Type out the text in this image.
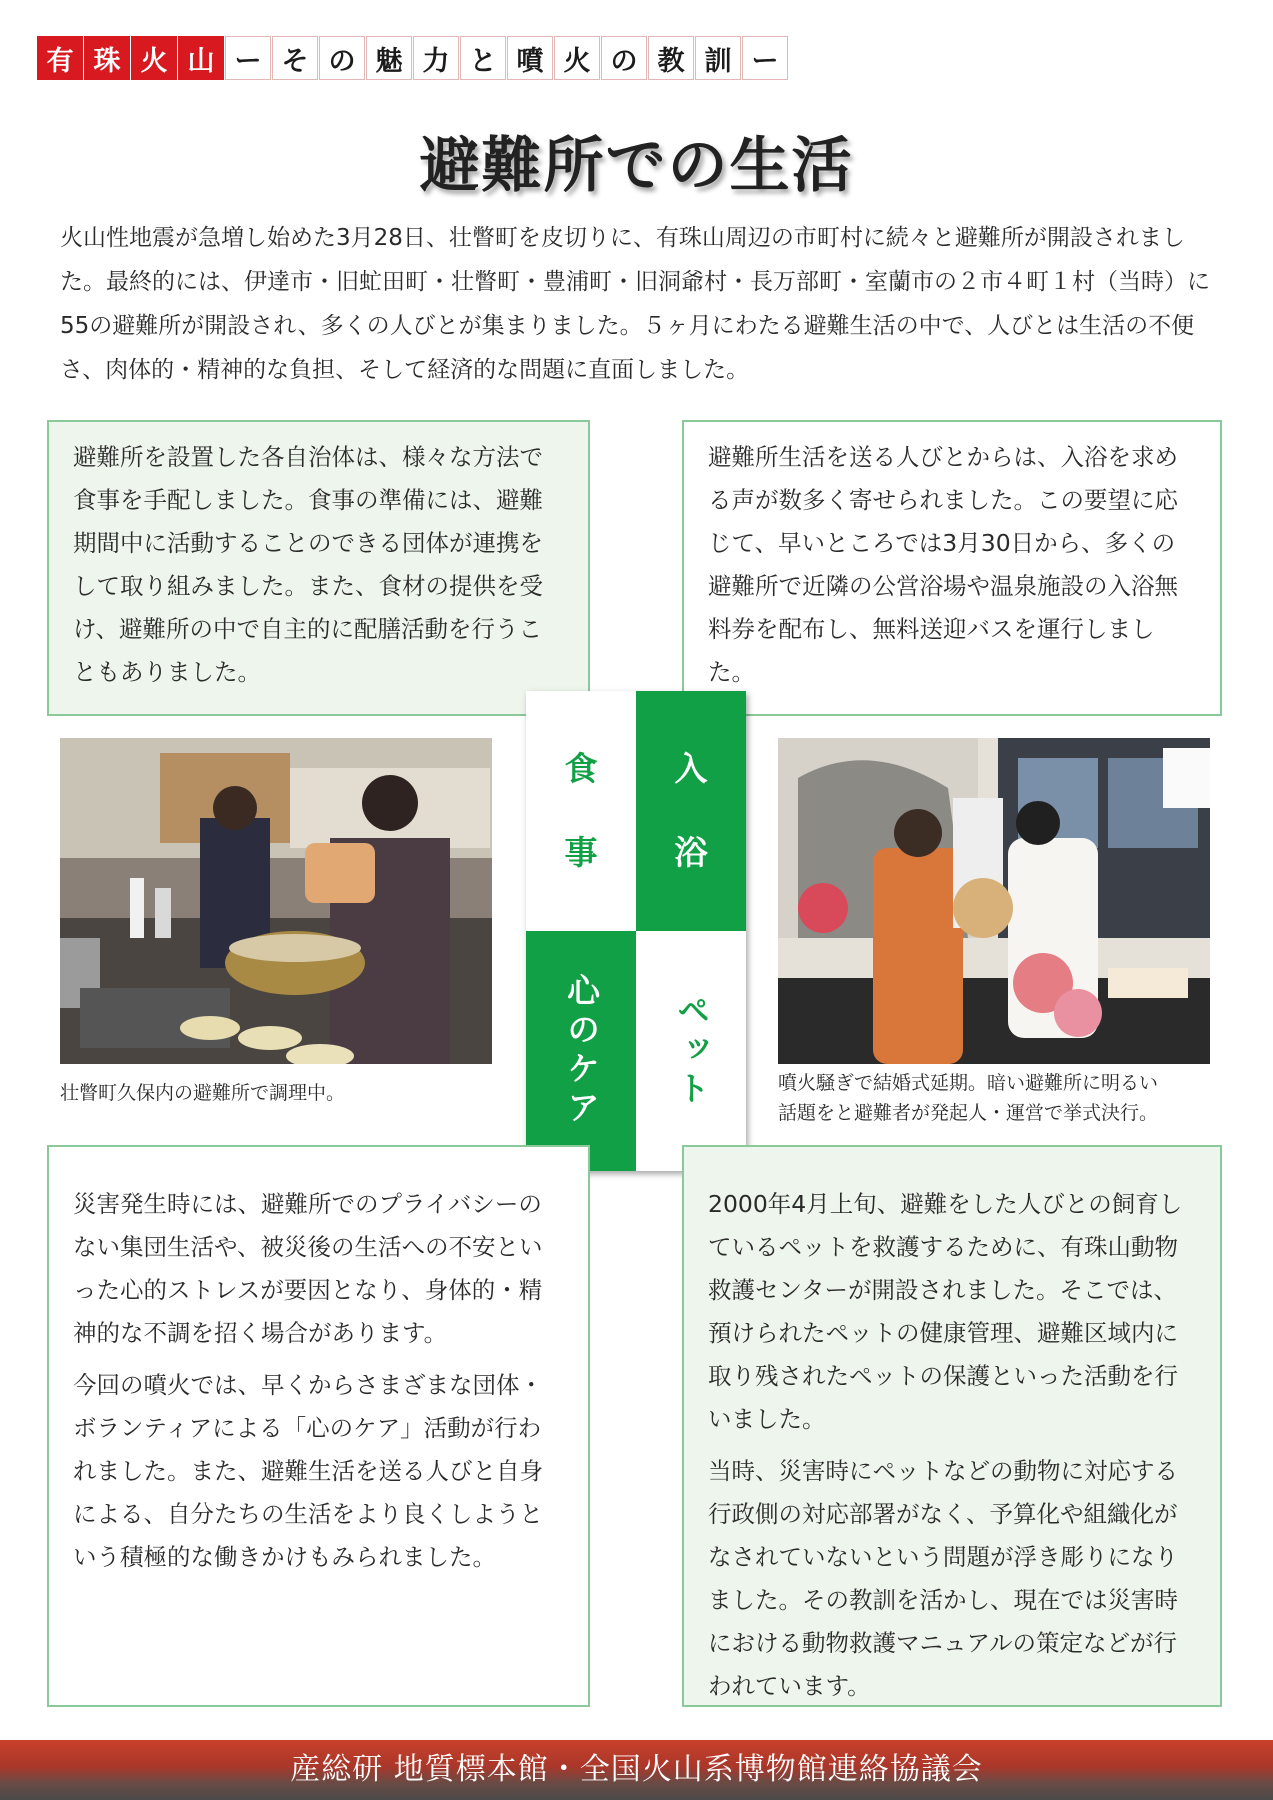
有 珠 火 山 ー そ の 魅 力 と 噴 火 の 教 訓 ー
避難所での生活
火山性地震が急増し始めた3月28日、壮瞥町を皮切りに、有珠山周辺の市町村に続々と避難所が開設されました。最終的には、伊達市・旧虻田町・壮瞥町・豊浦町・旧洞爺村・長万部町・室蘭市の２市４町１村（当時）に55の避難所が開設され、多くの人びとが集まりました。５ヶ月にわたる避難生活の中で、人びとは生活の不便さ、肉体的・精神的な負担、そして経済的な問題に直面しました。

避難所を設置した各自治体は、様々な方法で食事を手配しました。食事の準備には、避難期間中に活動することのできる団体が連携をして取り組みました。また、食材の提供を受け、避難所の中で自主的に配膳活動を行うこともありました。

避難所生活を送る人びとからは、入浴を求める声が数多く寄せられました。この要望に応じて、早いところでは3月30日から、多くの避難所で近隣の公営浴場や温泉施設の入浴無料券を配布し、無料送迎バスを運行しました。

壮瞥町久保内の避難所で調理中。	噴火騒ぎで結婚式延期。暗い避難所に明るい
話題をと避難者が発起人・運営で挙式決行。
食
事
入
浴
心のケア ペット

災害発生時には、避難所でのプライバシーのない集団生活や、被災後の生活への不安といった心的ストレスが要因となり、身体的・精神的な不調を招く場合があります。

今回の噴火では、早くからさまざまな団体・ボランティアによる「心のケア」活動が行われました。また、避難生活を送る人びと自身による、自分たちの生活をより良くしようという積極的な働きかけもみられました。

2000年4月上旬、避難をした人びとの飼育しているペットを救護するために、有珠山動物救護センターが開設されました。そこでは、預けられたペットの健康管理、避難区域内に取り残されたペットの保護といった活動を行いました。

当時、災害時にペットなどの動物に対応する行政側の対応部署がなく、予算化や組織化がなされていないという問題が浮き彫りになりました。その教訓を活かし、現在では災害時における動物救護マニュアルの策定などが行われています。

産総研 地質標本館・全国火山系博物館連絡協議会
